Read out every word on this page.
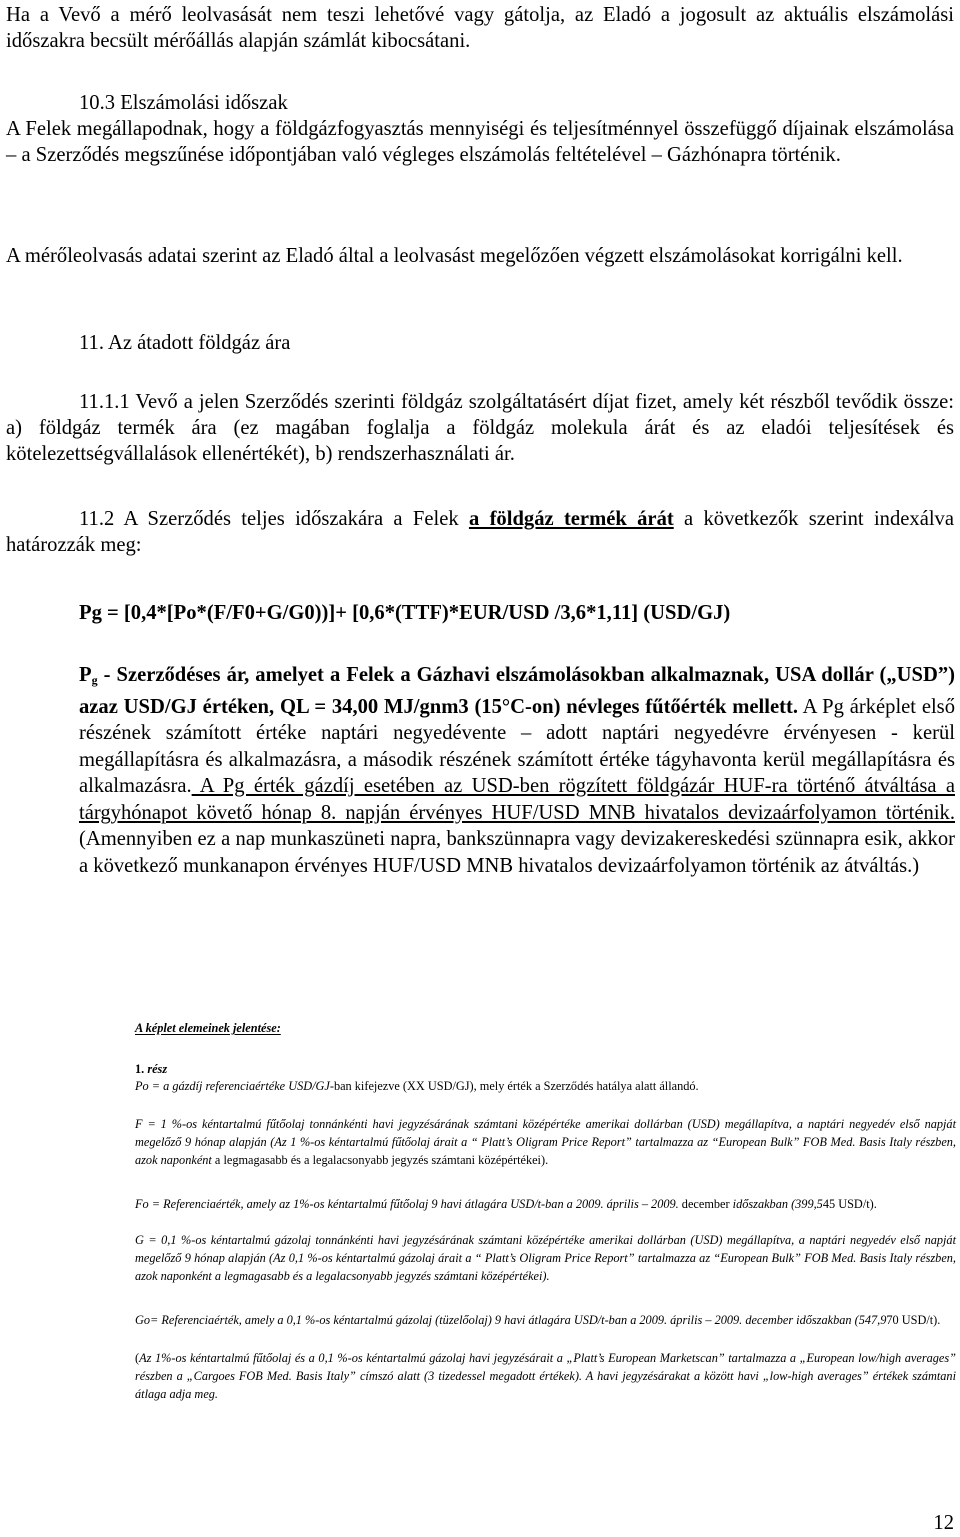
Ha a Vevő a mérő leolvasását nem teszi lehetővé vagy gátolja, az Eladó a jogosult az aktuális elszámolási időszakra becsült mérőállás alapján számlát kibocsátani.

10.3 Elszámolási időszak

A Felek megállapodnak, hogy a földgázfogyasztás mennyiségi és teljesítménnyel összefüggő díjainak elszámolása – a Szerződés megszűnése időpontjában való végleges elszámolás feltételével – Gázhónapra történik.

A mérőleolvasás adatai szerint az Eladó által a leolvasást megelőzően végzett elszámolásokat korrigálni kell.

11. Az átadott földgáz ára

11.1.1 Vevő a jelen Szerződés szerinti földgáz szolgáltatásért díjat fizet, amely két részből tevődik össze: a) földgáz termék ára (ez magában foglalja a földgáz molekula árát és az eladói teljesítések és kötelezettségvállalások ellenértékét), b) rendszerhasználati ár.

11.2 A Szerződés teljes időszakára a Felek a földgáz termék árát a következők szerint indexálva határozzák meg:

Pg = [0,4*[Po*(F/F0+G/G0))]+ [0,6*(TTF)*EUR/USD /3,6*1,11] (USD/GJ)

$P_g$ - Szerződéses ár, amelyet a Felek a Gázhavi elszámolásokban alkalmaznak, USA dollár („USD”) azaz USD/GJ értéken, QL = 34,00 MJ/gnm3 (15°C-on) névleges fűtőérték mellett. A Pg árképlet első részének számított értéke naptári negyedévente – adott naptári negyedévre érvényesen - kerül megállapításra és alkalmazásra, a második részének számított értéke tágyhavonta kerül megállapításra és alkalmazásra. A Pg érték gázdíj esetében az USD-ben rögzített földgázár HUF-ra történő átváltása a tárgyhónapot követő hónap 8. napján érvényes HUF/USD MNB hivatalos devizaárfolyamon történik. (Amennyiben ez a nap munkaszüneti napra, bankszünnapra vagy devizakereskedési szünnapra esik, akkor a következő munkanapon érvényes HUF/USD MNB hivatalos devizaárfolyamon történik az átváltás.)

A képlet elemeinek jelentése:

1. rész

Po = a gázdíj referenciaértéke USD/GJ-ban kifejezve (XX USD/GJ), mely érték a Szerződés hatálya alatt állandó.

F = 1 %-os kéntartalmú fűtőolaj tonnánkénti havi jegyzésárának számtani középértéke amerikai dollárban (USD) megállapítva, a naptári negyedév első napját megelőző 9 hónap alapján (Az 1 %-os kéntartalmú fűtőolaj árait a “ Platt’s Oligram Price Report” tartalmazza az “European Bulk” FOB Med. Basis Italy részben, azok naponként a legmagasabb és a legalacsonyabb jegyzés számtani középértékei).

Fo = Referenciaérték, amely az 1%-os kéntartalmú fűtőolaj 9 havi átlagára USD/t-ban a 2009. április – 2009. december időszakban (399,545 USD/t).

G = 0,1 %-os kéntartalmú gázolaj tonnánkénti havi jegyzésárának számtani középértéke amerikai dollárban (USD) megállapítva, a naptári negyedév első napját megelőző 9 hónap alapján (Az 0,1 %-os kéntartalmú gázolaj árait a “ Platt’s Oligram Price Report” tartalmazza az “European Bulk” FOB Med. Basis Italy részben, azok naponként a legmagasabb és a legalacsonyabb jegyzés számtani középértékei).

Go= Referenciaérték, amely a 0,1 %-os kéntartalmú gázolaj (tüzelőolaj) 9 havi átlagára USD/t-ban a 2009. április – 2009. december időszakban (547,970 USD/t).

(Az 1%-os kéntartalmú fűtőolaj és a 0,1 %-os kéntartalmú gázolaj havi jegyzésárait a „Platt’s European Marketscan” tartalmazza a „European low/high averages” részben a „Cargoes FOB Med. Basis Italy” címszó alatt (3 tizedessel megadott értékek). A havi jegyzésárakat a között havi „low-high averages” értékek számtani átlaga adja meg.

12
